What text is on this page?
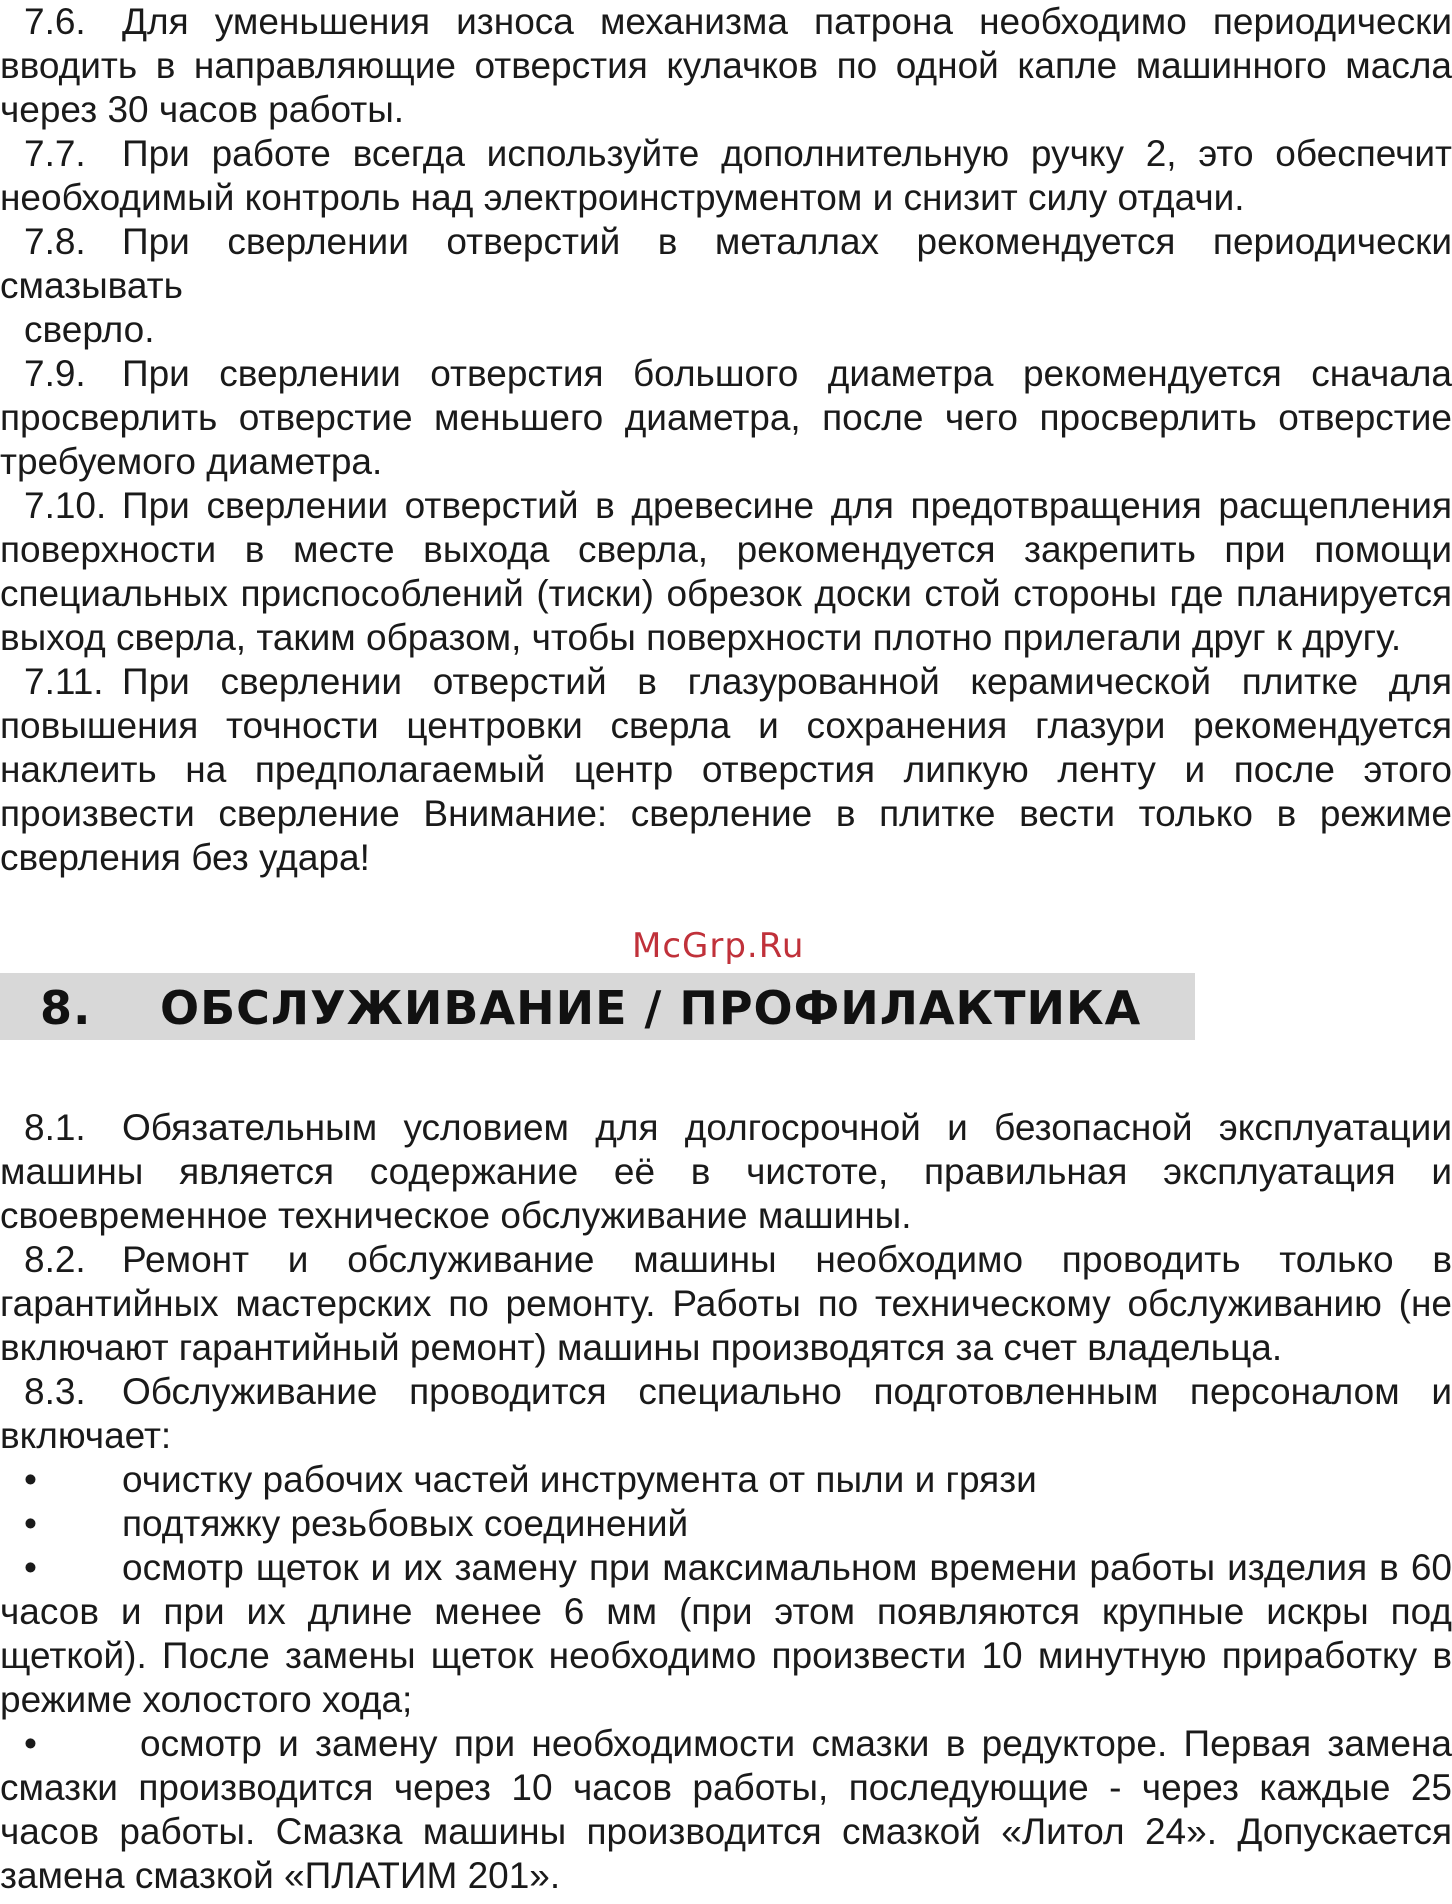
7.6. Для уменьшения износа механизма патрона необходимо периодически вводить в направляющие отверстия кулачков по одной капле машинного масла через 30 часов работы.

7.7. При работе всегда используйте дополнительную ручку 2, это обеспечит необходимый контроль над электроинструментом и снизит силу отдачи.

7.8. При сверлении отверстий в металлах рекомендуется периодически смазывать

сверло.

7.9. При сверлении отверстия большого диаметра рекомендуется сначала просверлить отверстие меньшего диаметра, после чего просверлить отверстие требуемого диаметра.

7.10. При сверлении отверстий в древесине для предотвращения расщепления поверхности в месте выхода сверла, рекомендуется закрепить при помощи специальных приспособлений (тиски) обрезок доски стой стороны где планируется выход сверла, таким образом, чтобы поверхности плотно прилегали друг к другу.

7.11. При сверлении отверстий в глазурованной керамической плитке для повышения точности центровки сверла и сохранения глазури рекомендуется наклеить на предполагаемый центр отверстия липкую ленту и после этого произвести сверление Внимание: сверление в плитке вести только в режиме сверления без удара!

McGrp.Ru
8. ОБСЛУЖИВАНИЕ / ПРОФИЛАКТИКА

8.1. Обязательным условием для долгосрочной и безопасной эксплуатации машины является содержание её в чистоте, правильная эксплуатация и своевременное техническое обслуживание машины.

8.2. Ремонт и обслуживание машины необходимо проводить только в гарантийных мастерских по ремонту. Работы по техническому обслуживанию (не включают гарантийный ремонт) машины производятся за счет владельца.

8.3. Обслуживание проводится специально подготовленным персоналом и включает:

• очистку рабочих частей инструмента от пыли и грязи

• подтяжку резьбовых соединений

• осмотр щеток и их замену при максимальном времени работы изделия в 60 часов и при их длине менее 6 мм (при этом появляются крупные искры под щеткой). После замены щеток необходимо произвести 10 минутную приработку в режиме холостого хода;

•	осмотр и замену при необходимости смазки в редукторе. Первая замена смазки производится через 10 часов работы, последующие - через каждые 25 часов работы. Смазка машины производится смазкой «Литол 24». Допускается замена смазкой «ПЛАТИМ 201».
